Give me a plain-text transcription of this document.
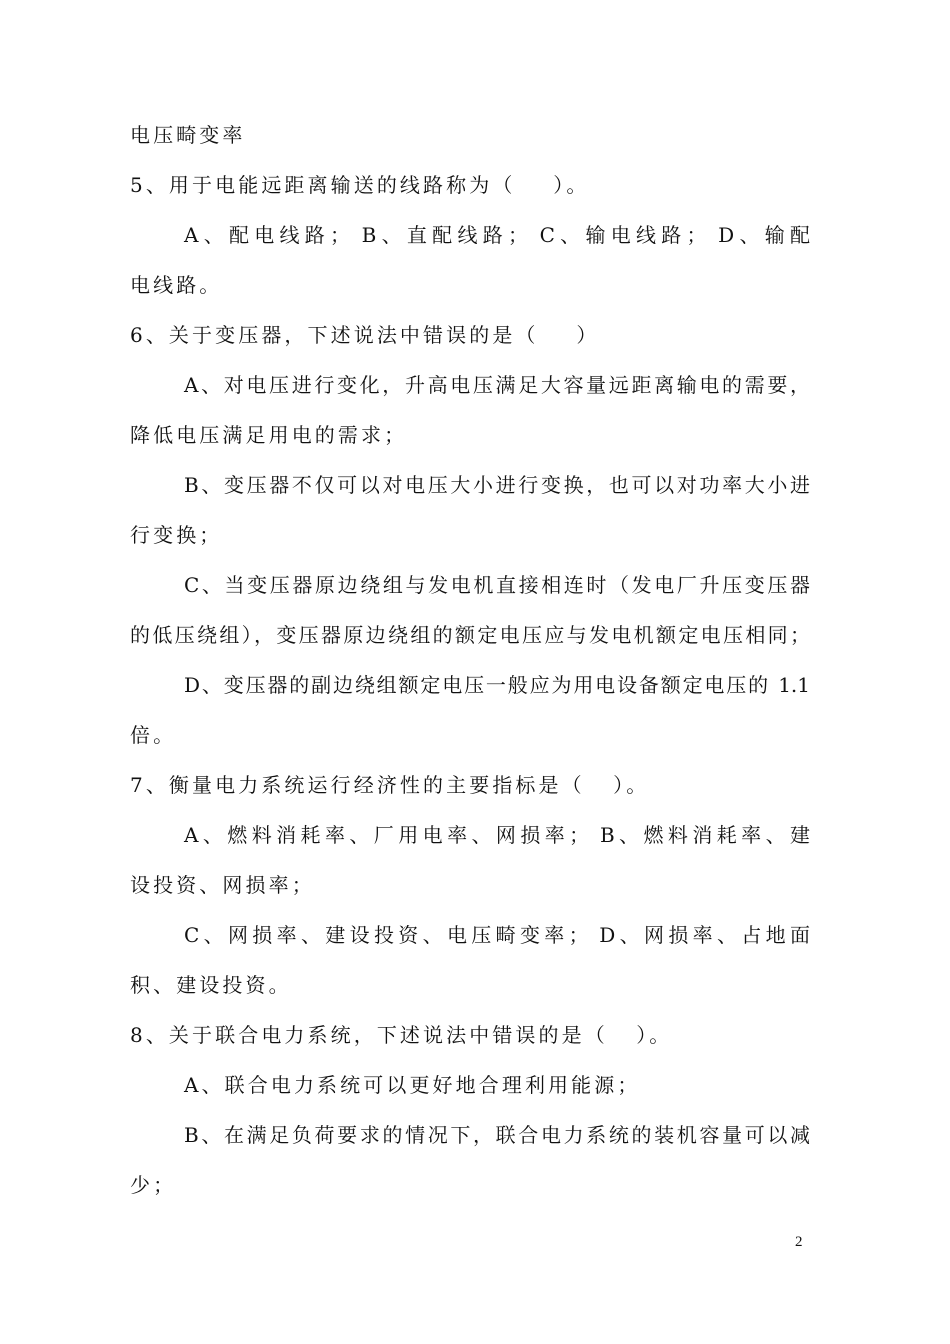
电压畸变率
5、用于电能远距离输送的线路称为（    ）。
A、配电线路； B、直配线路； C、输电线路； D、输配
电线路。
6、关于变压器，下述说法中错误的是（    ）
A、对电压进行变化，升高电压满足大容量远距离输电的需要，
降低电压满足用电的需求；
B、变压器不仅可以对电压大小进行变换，也可以对功率大小进
行变换；
C、当变压器原边绕组与发电机直接相连时（发电厂升压变压器
的低压绕组），变压器原边绕组的额定电压应与发电机额定电压相同；
D、变压器的副边绕组额定电压一般应为用电设备额定电压的 1.1
倍。
7、衡量电力系统运行经济性的主要指标是（   ）。
A、燃料消耗率、厂用电率、网损率； B、燃料消耗率、建
设投资、网损率；
C、网损率、建设投资、电压畸变率； D、网损率、占地面
积、建设投资。
8、关于联合电力系统，下述说法中错误的是（   ）。
A、联合电力系统可以更好地合理利用能源；
B、在满足负荷要求的情况下，联合电力系统的装机容量可以减
少；
2
